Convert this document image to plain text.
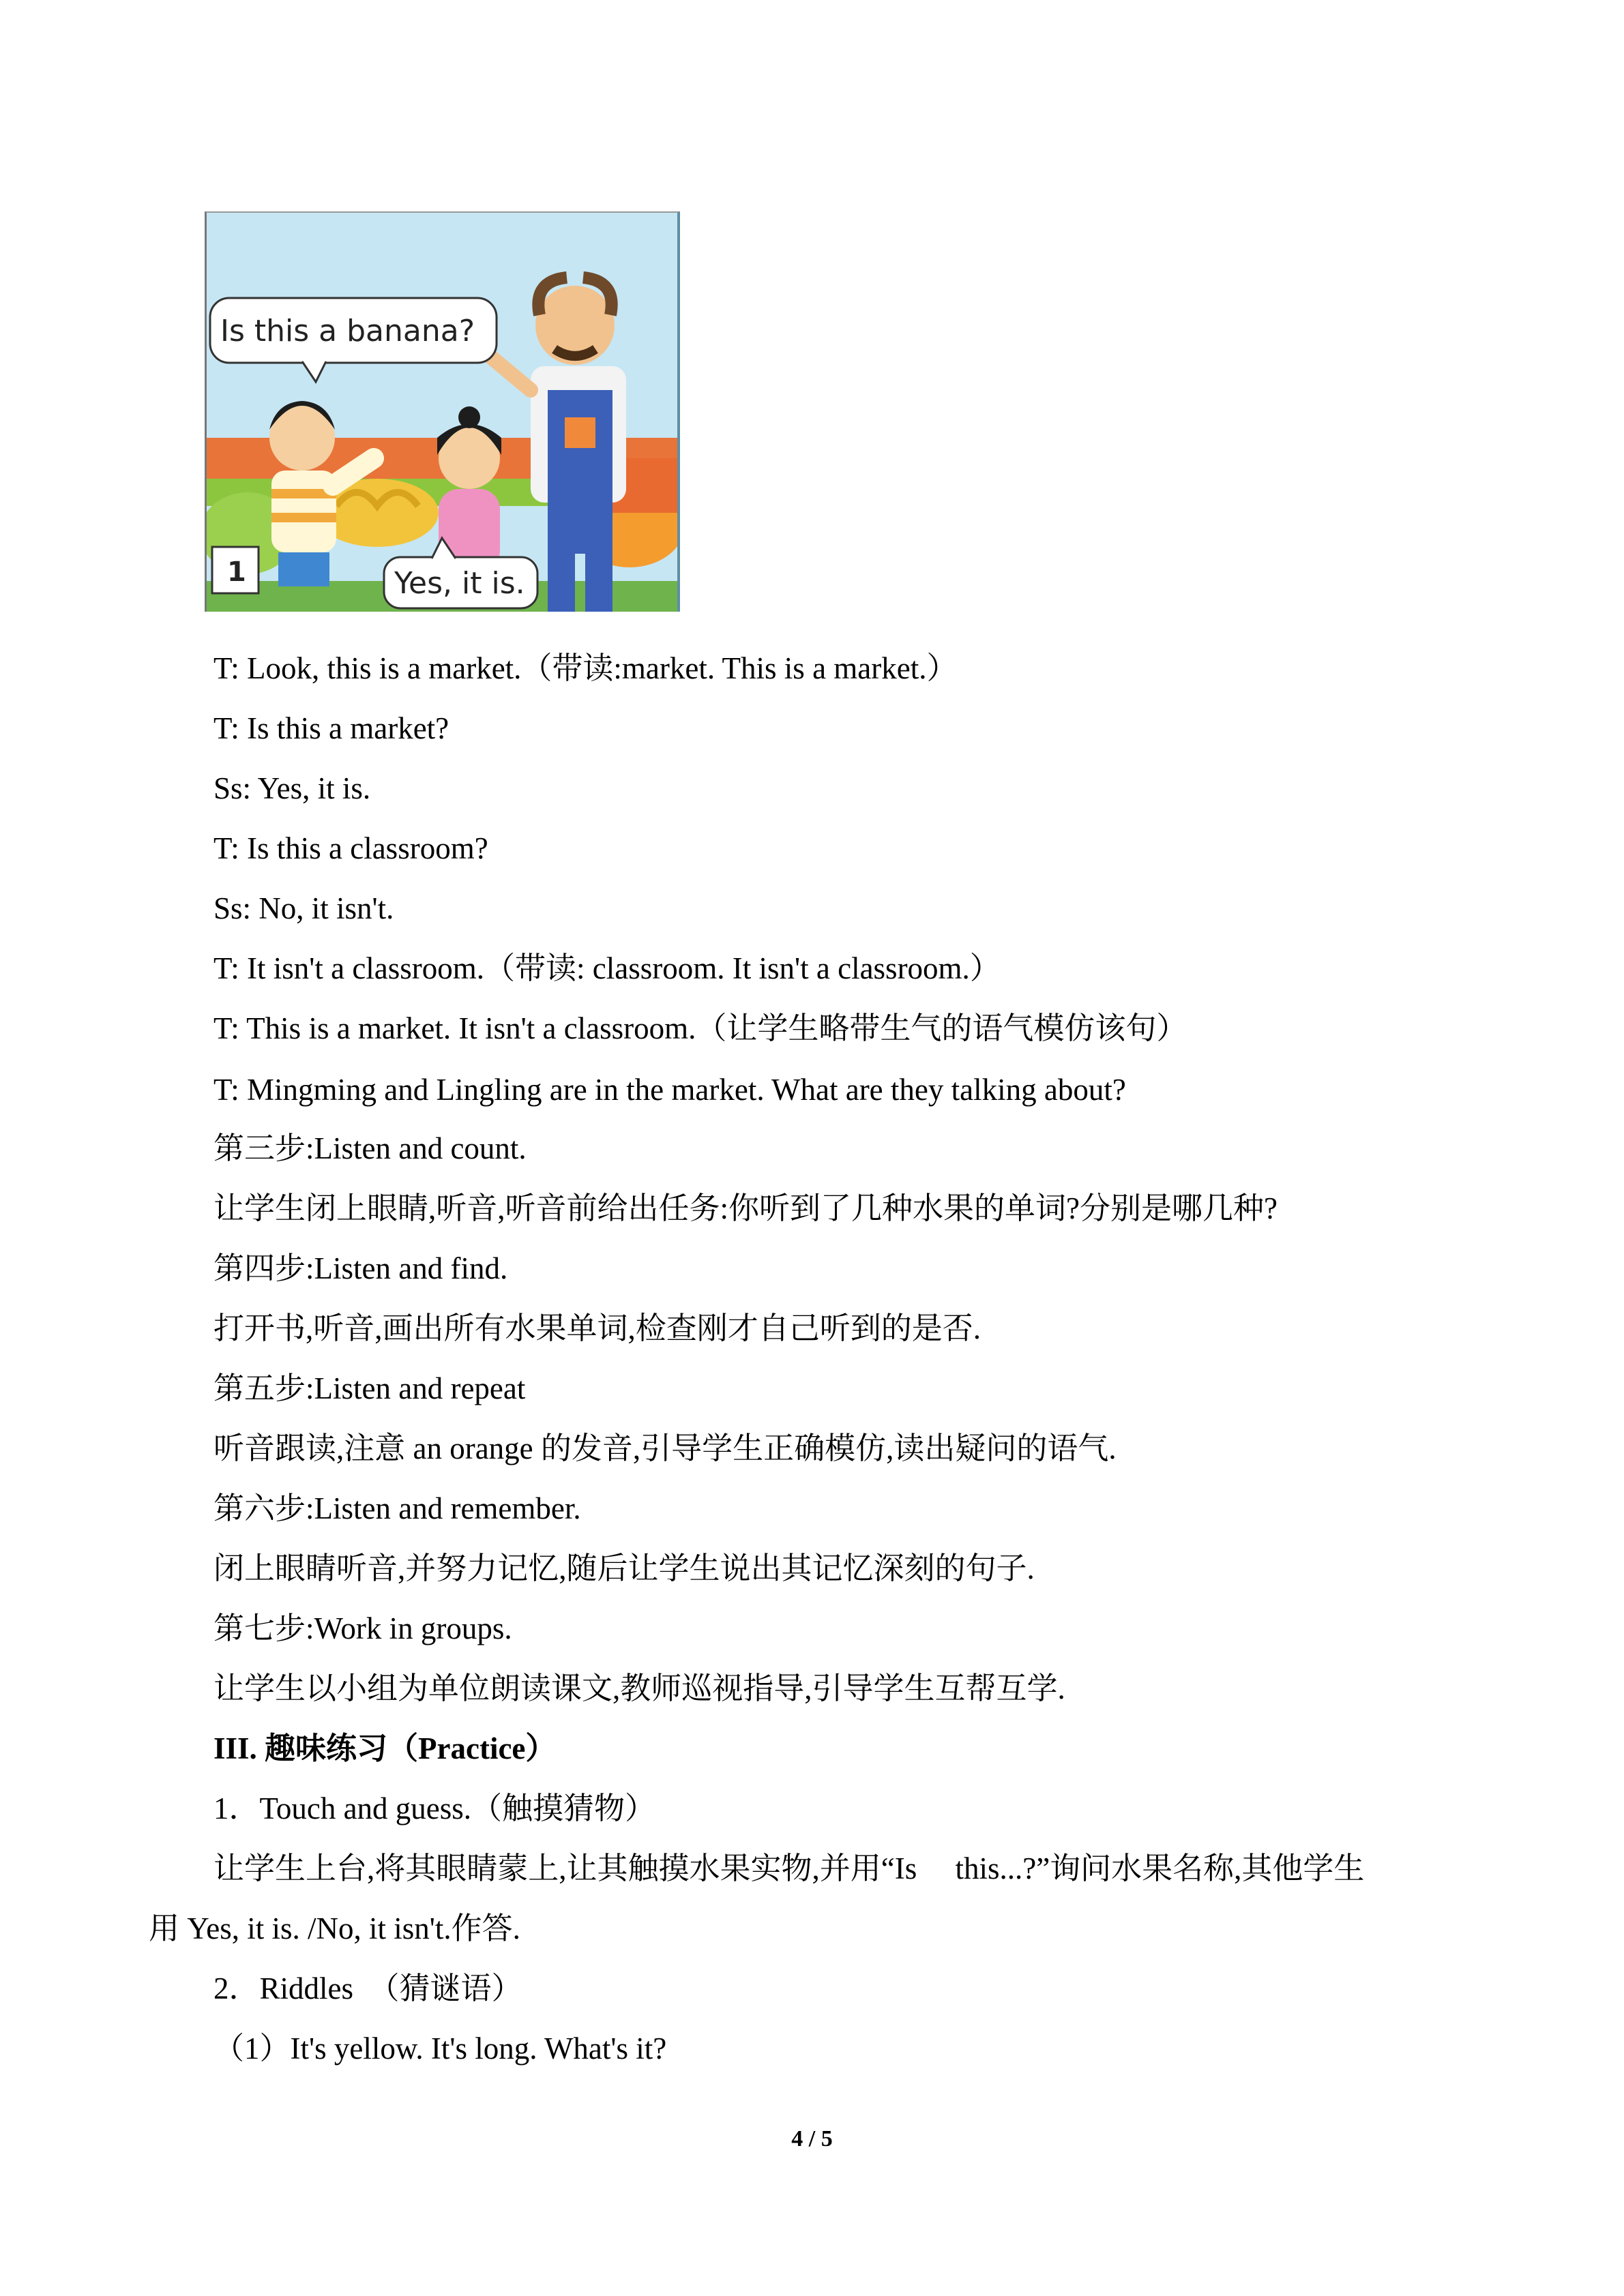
Is this a banana?
Yes, it is.
1
T: Look, this is a market.（带读:market. This is a market.）
T: Is this a market?
Ss: Yes, it is.
T: Is this a classroom?
Ss: No, it isn't.
T: It isn't a classroom.（带读: classroom. It isn't a classroom.）
T: This is a market. It isn't a classroom.（让学生略带生气的语气模仿该句）
T: Mingming and Lingling are in the market. What are they talking about?
第三步:Listen and count.
让学生闭上眼睛,听音,听音前给出任务:你听到了几种水果的单词?分别是哪几种?
第四步:Listen and find.
打开书,听音,画出所有水果单词,检查刚才自己听到的是否.
第五步:Listen and repeat
听音跟读,注意 an orange 的发音,引导学生正确模仿,读出疑问的语气.
第六步:Listen and remember.
闭上眼睛听音,并努力记忆,随后让学生说出其记忆深刻的句子.
第七步:Work in groups.
让学生以小组为单位朗读课文,教师巡视指导,引导学生互帮互学.
III. 趣味练习（Practice）
1．Touch and guess.（触摸猜物）
让学生上台,将其眼睛蒙上,让其触摸水果实物,并用“Is　 this...?”询问水果名称,其他学生
用 Yes, it is. /No, it isn't.作答.
2．Riddles　（猜谜语）
（1）It's yellow. It's long. What's it?
4 / 5
